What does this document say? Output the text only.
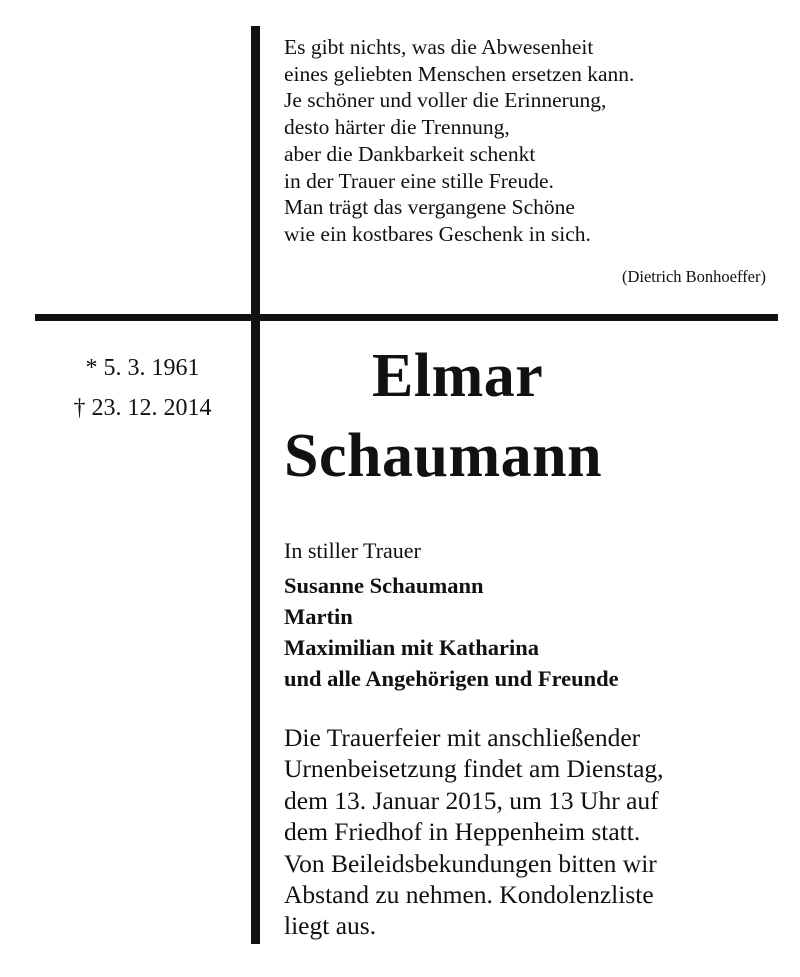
Es gibt nichts, was die Abwesenheit
eines geliebten Menschen ersetzen kann.
Je schöner und voller die Erinnerung,
desto härter die Trennung,
aber die Dankbarkeit schenkt
in der Trauer eine stille Freude.
Man trägt das vergangene Schöne
wie ein kostbares Geschenk in sich.
(Dietrich Bonhoeffer)
* 5. 3. 1961
† 23. 12. 2014	Elmar
Schaumann
In stiller Trauer
Susanne Schaumann
Martin
Maximilian mit Katharina
und alle Angehörigen und Freunde
Die Trauerfeier mit anschließender
Urnenbeisetzung findet am Dienstag,
dem 13. Januar 2015, um 13 Uhr auf
dem Friedhof in Heppenheim statt.
Von Beileidsbekundungen bitten wir
Abstand zu nehmen. Kondolenzliste
liegt aus.
